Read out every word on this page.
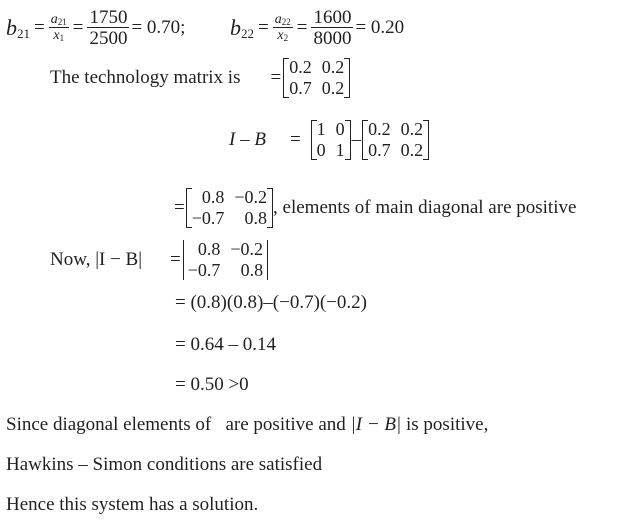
b $21 = \frac{a21}{x1} = \frac{1750}{2500} = 0.70$; b $22 = \frac{a22}{x2} = \frac{1600}{8000} = 0.20$
The technology matrix is = 0.2 0.2
0.7 0.2
I – B = 1 0
0 1 – 0.2 0.2
0.7 0.2
= 0.8 −0.2
−0.7	0.8 , elements of main diagonal are positive
Now, |I − B| = 0.8 −0.2
−0.7	0.8
= (0.8)(0.8)–(−0.7)(−0.2)
= 0.64 – 0.14
= 0.50 >0
Since diagonal elements of   are positive and |I − B| is positive,
Hawkins – Simon conditions are satisfied
Hence this system has a solution.
